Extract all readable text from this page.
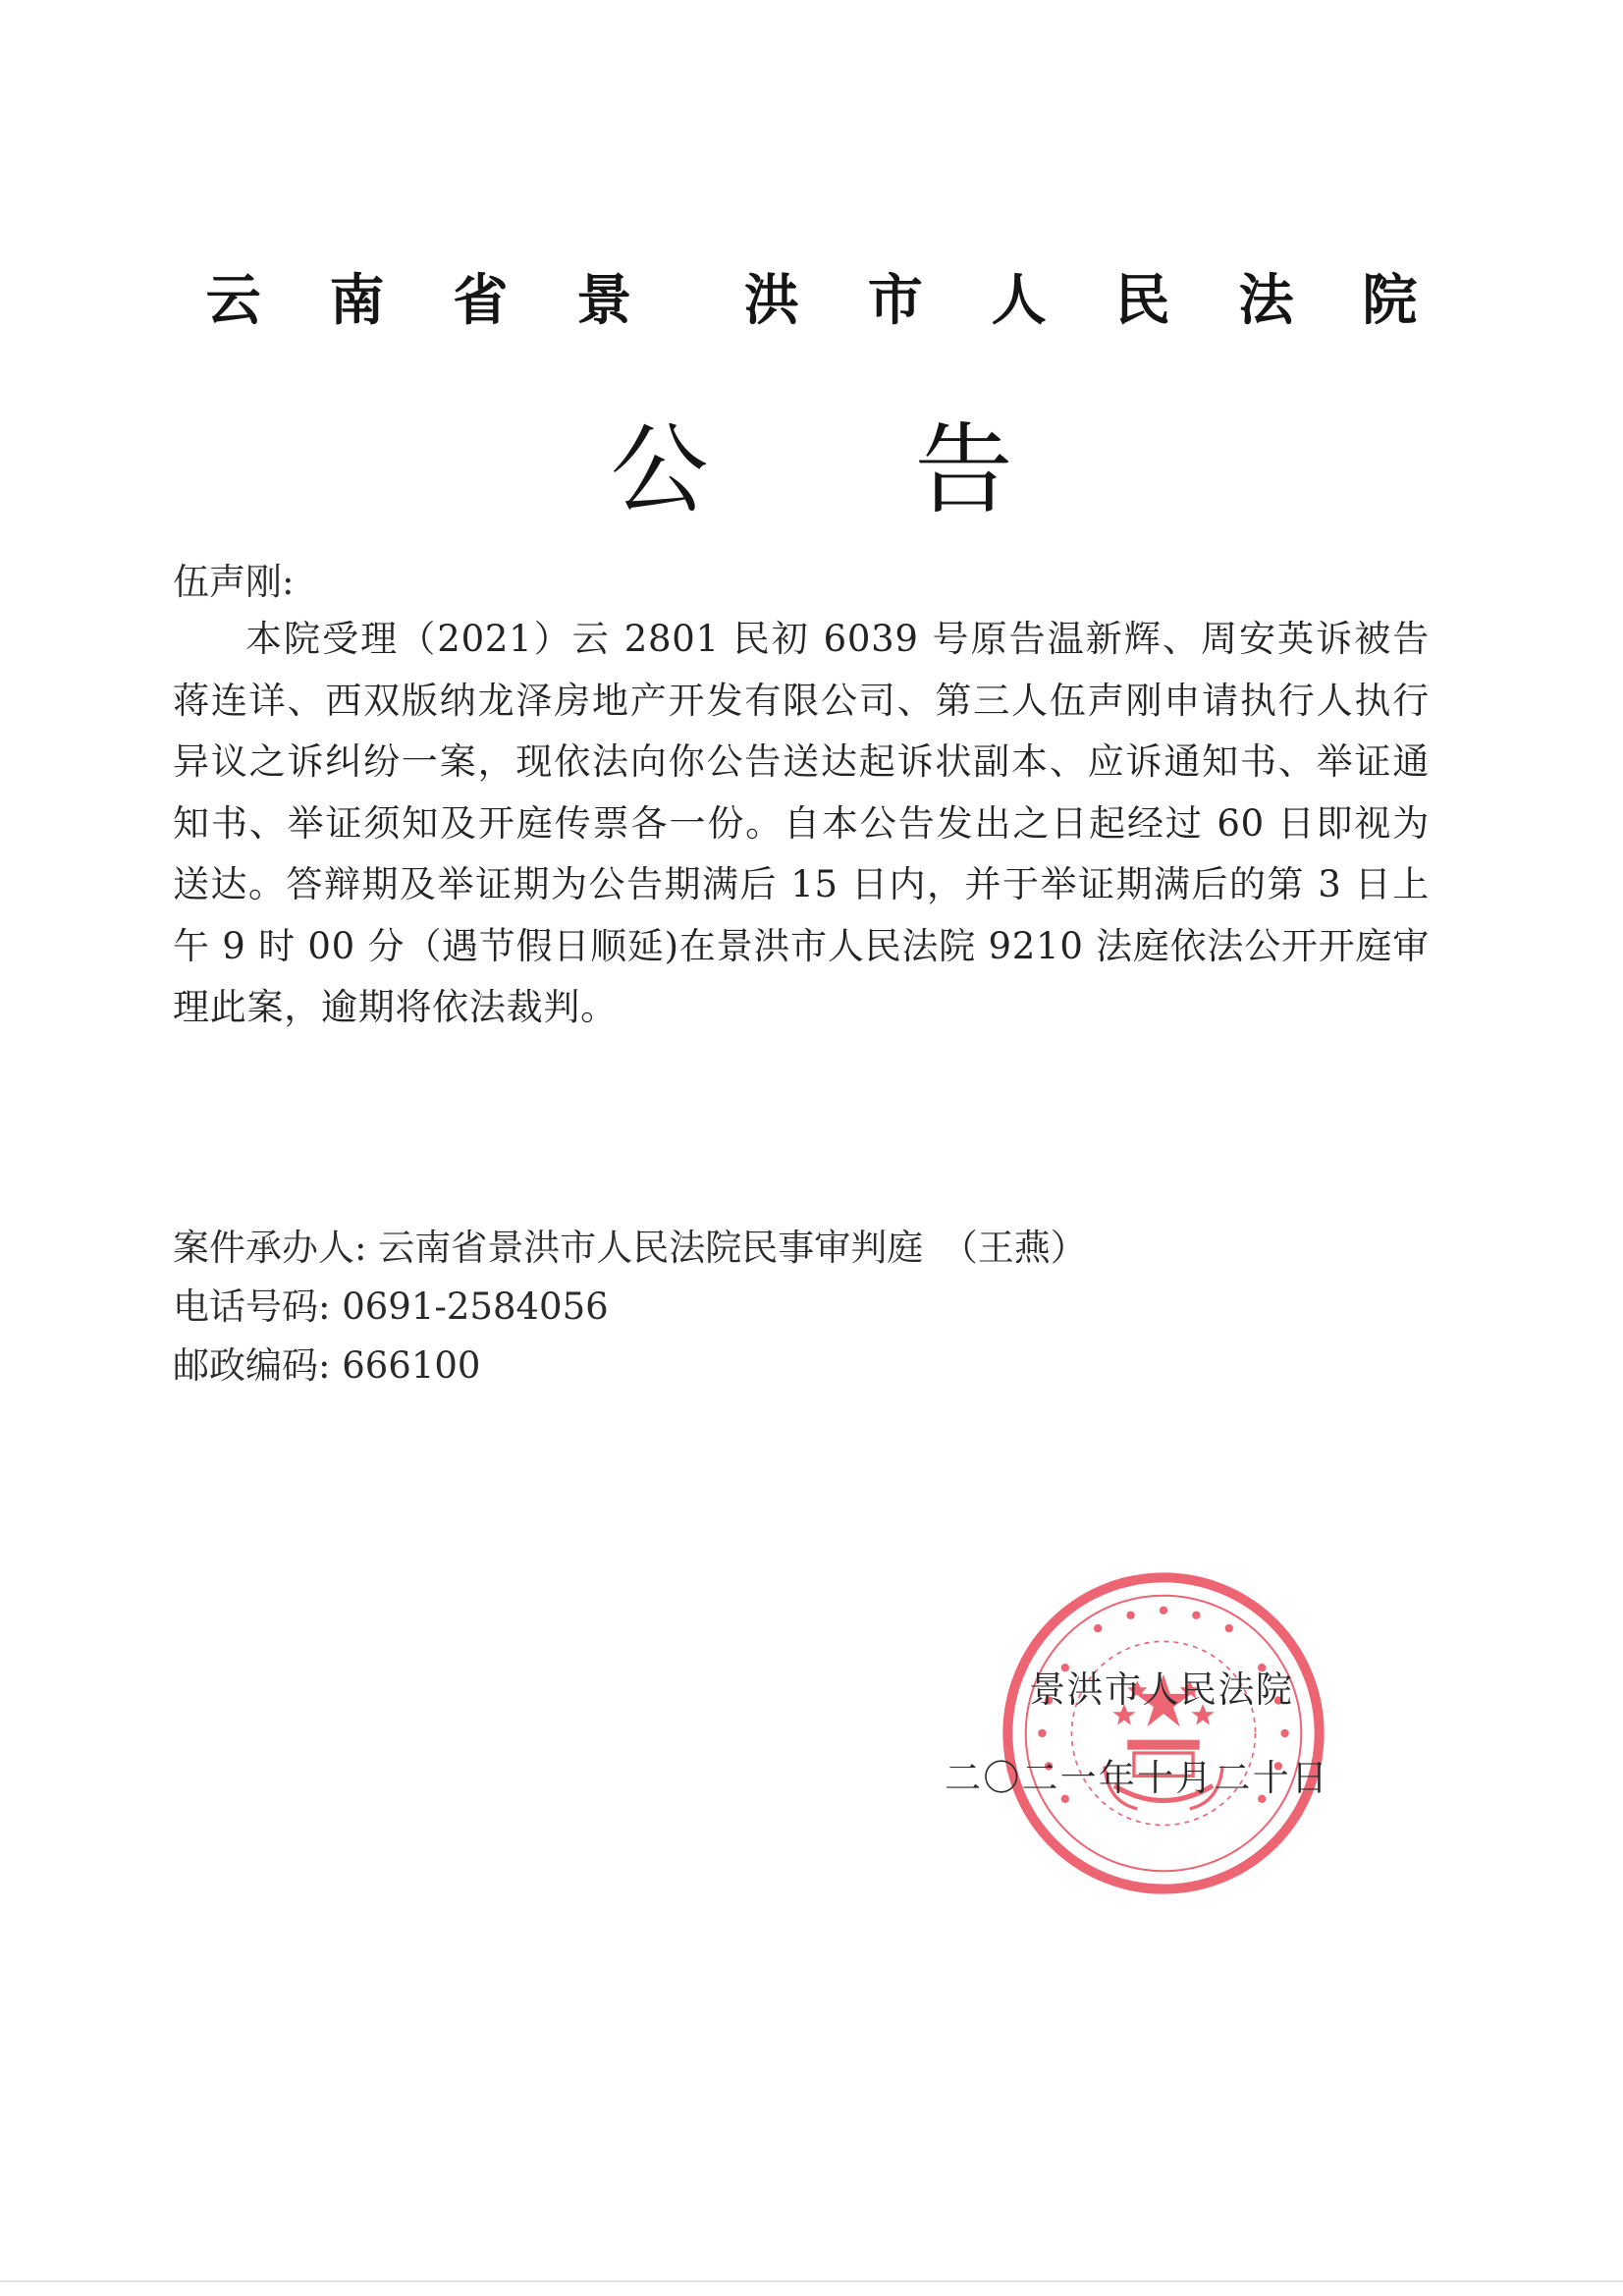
云 南 省 景  洪 市 人 民 法 院
公告
伍声刚:
本院受理（2021）云 2801 民初 6039 号原告温新辉、周安英诉被告蒋连详、西双版纳龙泽房地产开发有限公司、第三人伍声刚申请执行人执行异议之诉纠纷一案，现依法向你公告送达起诉状副本、应诉通知书、举证通知书、举证须知及开庭传票各一份。自本公告发出之日起经过 60 日即视为送达。答辩期及举证期为公告期满后 15 日内，并于举证期满后的第 3 日上午 9 时 00 分（遇节假日顺延)在景洪市人民法院 9210 法庭依法公开开庭审理此案，逾期将依法裁判。
案件承办人: 云南省景洪市人民法院民事审判庭　（王燕）
电话号码: 0691-2584056
邮政编码: 666100
景洪市人民法院
二〇二一年十月二十日
